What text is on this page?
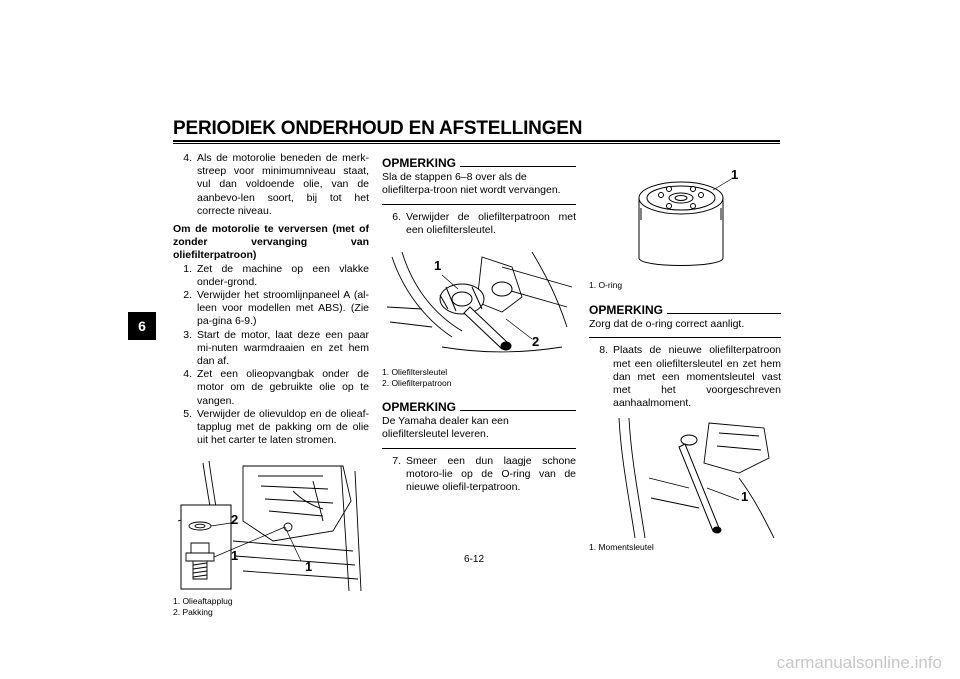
PERIODIEK ONDERHOUD EN AFSTELLINGEN
6
4. Als de motorolie beneden de merk-streep voor minimumniveau staat, vul dan voldoende olie, van de aanbevo-len soort, bij tot het correcte niveau.

Om de motorolie te verversen (met of zonder vervanging van oliefilterpatroon)

1. Zet de machine op een vlakke onder-grond.
2. Verwijder het stroomlijnpaneel A (al-leen voor modellen met ABS). (Zie pa-gina 6-9.)
3. Start de motor, laat deze een paar mi-nuten warmdraaien en zet hem dan af.
4. Zet een olieopvangbak onder de motor om de gebruikte olie op te vangen.
5. Verwijder de olievuldop en de olieaf-tapplug met de pakking om de olie uit het carter te laten stromen.
2
1
1
1. Olieaftapplug
2. Pakking
OPMERKING
Sla de stappen 6–8 over als de oliefilterpa-troon niet wordt vervangen.
6. Verwijder de oliefilterpatroon met een oliefiltersleutel.
1
2
1. Oliefiltersleutel
2. Oliefilterpatroon
OPMERKING
De Yamaha dealer kan een oliefiltersleutel leveren.
7. Smeer een dun laagje schone motoro-lie op de O-ring van de nieuwe oliefil-terpatroon.
1
1. O-ring
OPMERKING
Zorg dat de o-ring correct aanligt.
8. Plaats de nieuwe oliefilterpatroon met een oliefiltersleutel en zet hem dan met een momentsleutel vast met het voorgeschreven aanhaalmoment.
1
1. Momentsleutel
6-12
carmanualsonline.info
